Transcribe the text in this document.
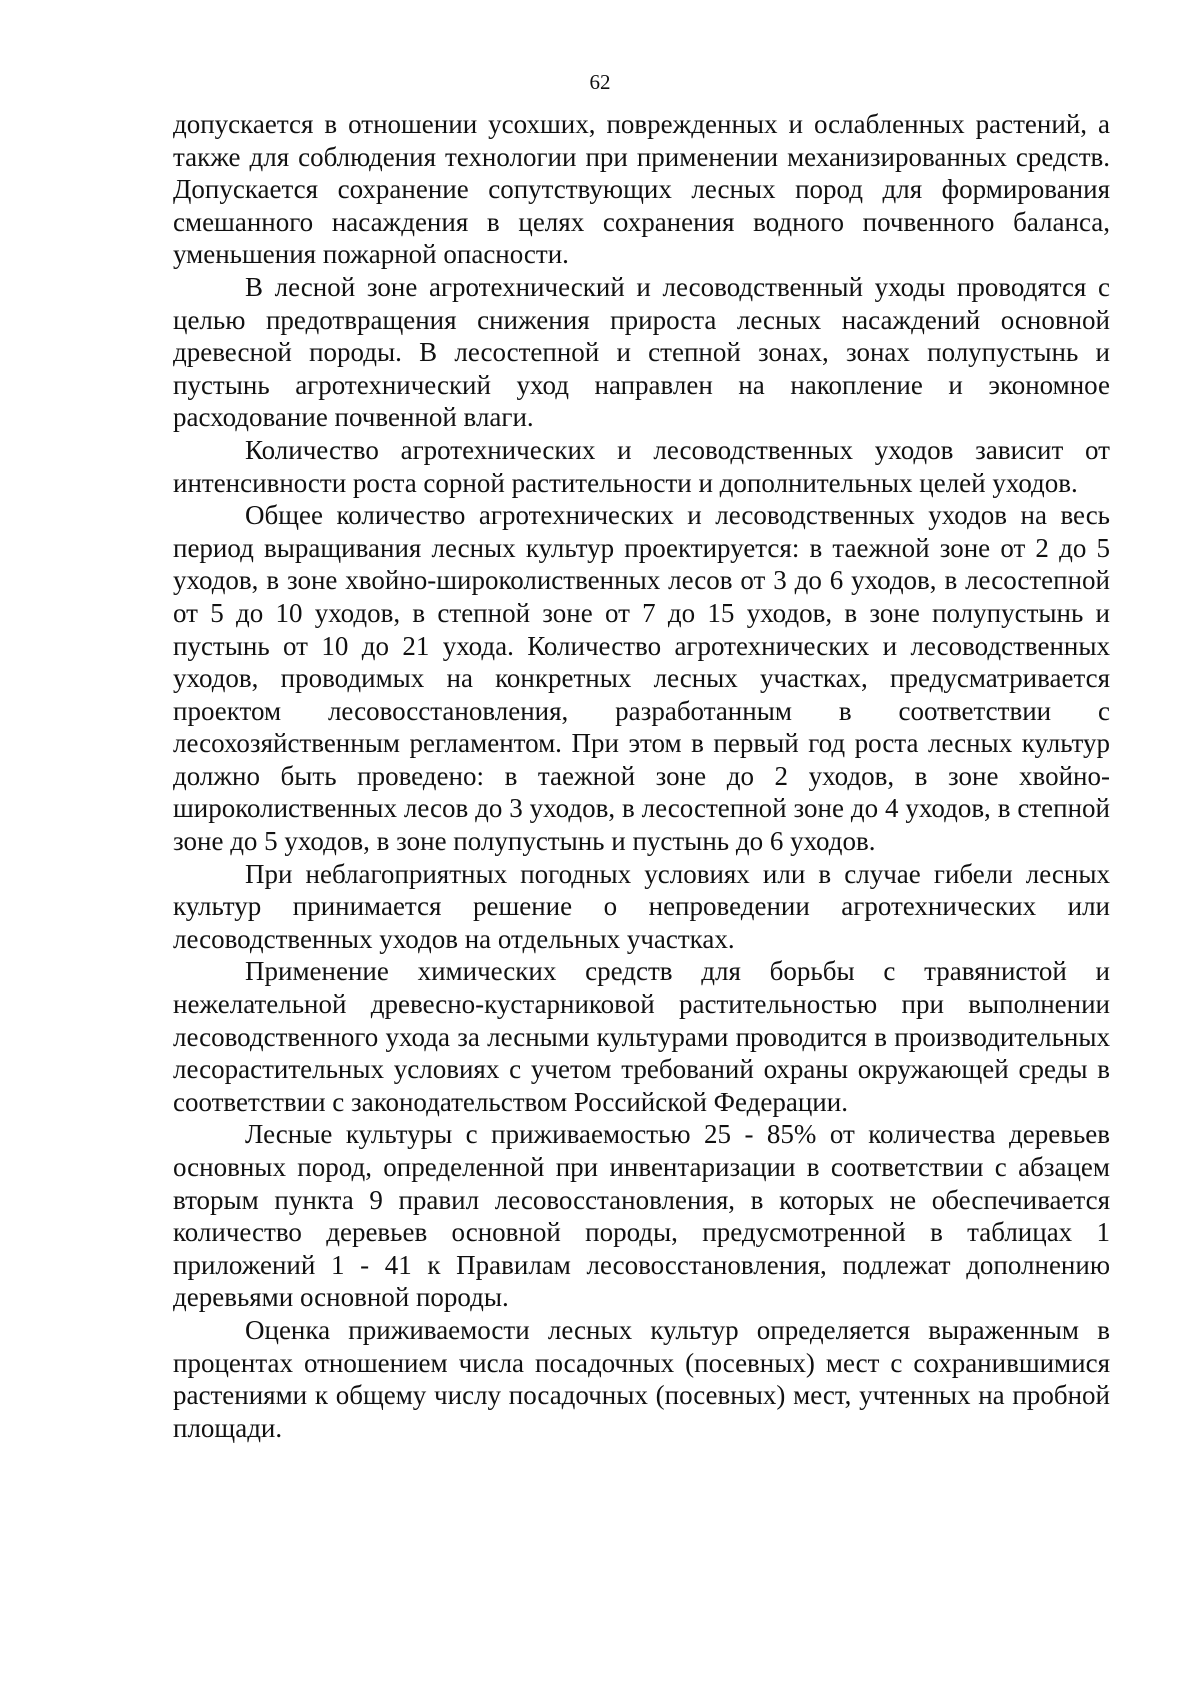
62

допускается в отношении усохших, поврежденных и ослабленных растений, а также для соблюдения технологии при применении механизированных средств. Допускается сохранение сопутствующих лесных пород для формирования смешанного насаждения в целях сохранения водного почвенного баланса, уменьшения пожарной опасности.

В лесной зоне агротехнический и лесоводственный уходы проводятся с целью предотвращения снижения прироста лесных насаждений основной древесной породы. В лесостепной и степной зонах, зонах полупустынь и пустынь агротехнический уход направлен на накопление и экономное расходование почвенной влаги.

Количество агротехнических и лесоводственных уходов зависит от интенсивности роста сорной растительности и дополнительных целей уходов.

Общее количество агротехнических и лесоводственных уходов на весь период выращивания лесных культур проектируется: в таежной зоне от 2 до 5 уходов, в зоне хвойно-широколиственных лесов от 3 до 6 уходов, в лесостепной от 5 до 10 уходов, в степной зоне от 7 до 15 уходов, в зоне полупустынь и пустынь от 10 до 21 ухода. Количество агротехнических и лесоводственных уходов, проводимых на конкретных лесных участках, предусматривается проектом лесовосстановления, разработанным в соответствии с лесохозяйственным регламентом. При этом в первый год роста лесных культур должно быть проведено: в таежной зоне до 2 уходов, в зоне хвойно-широколиственных лесов до 3 уходов, в лесостепной зоне до 4 уходов, в степной зоне до 5 уходов, в зоне полупустынь и пустынь до 6 уходов.

При неблагоприятных погодных условиях или в случае гибели лесных культур принимается решение о непроведении агротехнических или лесоводственных уходов на отдельных участках.

Применение химических средств для борьбы с травянистой и нежелательной древесно-кустарниковой растительностью при выполнении лесоводственного ухода за лесными культурами проводится в производительных лесорастительных условиях с учетом требований охраны окружающей среды в соответствии с законодательством Российской Федерации.

Лесные культуры с приживаемостью 25 - 85% от количества деревьев основных пород, определенной при инвентаризации в соответствии с абзацем вторым пункта 9 правил лесовосстановления, в которых не обеспечивается количество деревьев основной породы, предусмотренной в таблицах 1 приложений 1 - 41 к Правилам лесовосстановления, подлежат дополнению деревьями основной породы.

Оценка приживаемости лесных культур определяется выраженным в процентах отношением числа посадочных (посевных) мест с сохранившимися растениями к общему числу посадочных (посевных) мест, учтенных на пробной площади.
